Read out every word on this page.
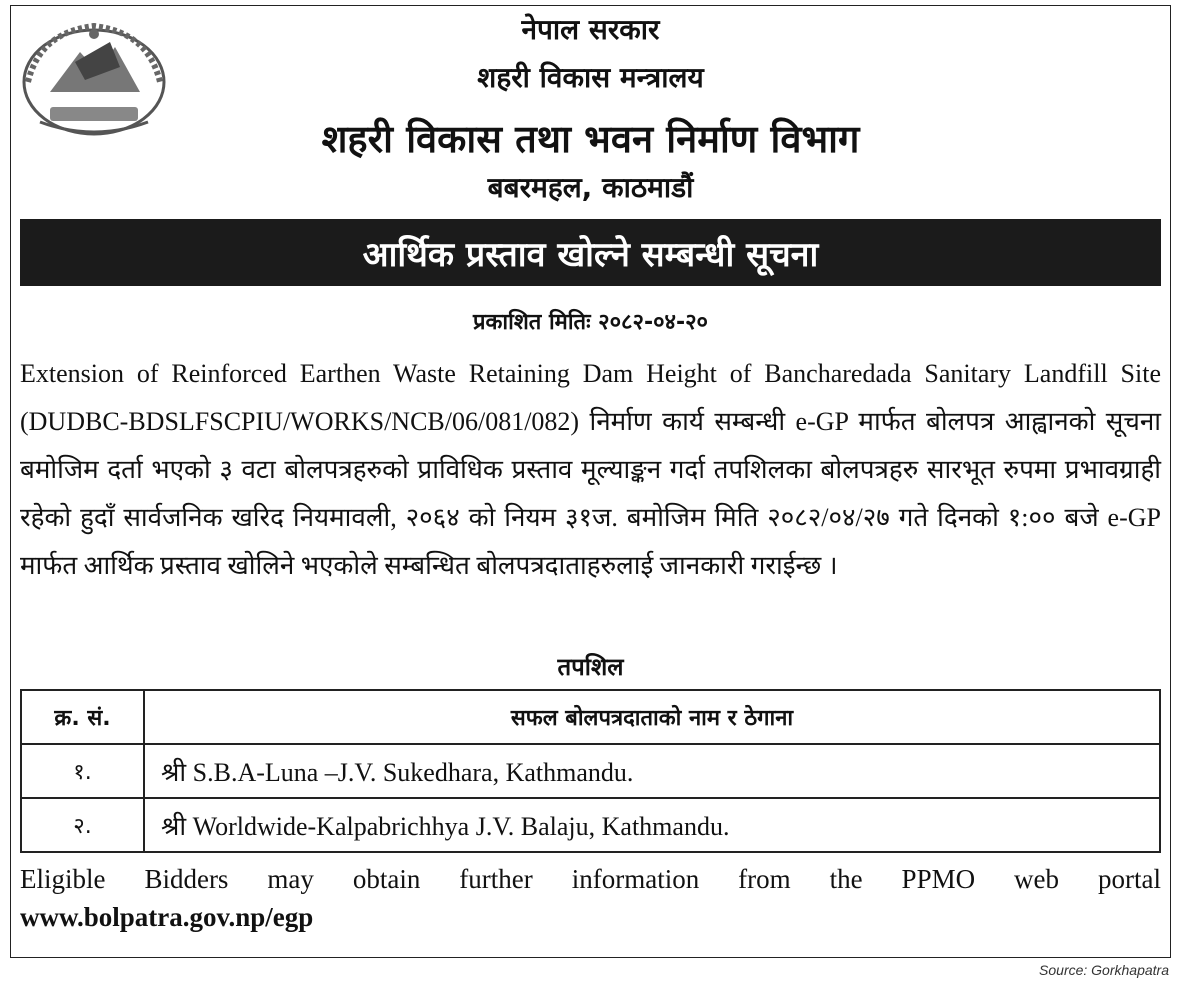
नेपाल सरकार
शहरी विकास मन्त्रालय
शहरी विकास तथा भवन निर्माण विभाग
बबरमहल, काठमाडौं
आर्थिक प्रस्ताव खोल्ने सम्बन्धी सूचना
प्रकाशित मितिः २०८२-०४-२०
Extension of Reinforced Earthen Waste Retaining Dam Height of Bancharedada Sanitary Landfill Site (DUDBC-BDSLFSCPIU/WORKS/NCB/06/081/082) निर्माण कार्य सम्बन्धी e-GP मार्फत बोलपत्र आह्वानको सूचना बमोजिम दर्ता भएको ३ वटा बोलपत्रहरुको प्राविधिक प्रस्ताव मूल्याङ्कन गर्दा तपशिलका बोलपत्रहरु सारभूत रुपमा प्रभावग्राही रहेको हुदाँ सार्वजनिक खरिद नियमावली, २०६४ को नियम ३१ज. बमोजिम मिति २०८२/०४/२७ गते दिनको १:०० बजे e-GP मार्फत आर्थिक प्रस्ताव खोलिने भएकोले सम्बन्धित बोलपत्रदाताहरुलाई जानकारी गराईन्छ ।
तपशिल
क्र. सं.	सफल बोलपत्रदाताको नाम र ठेगाना
१.	श्री S.B.A-Luna –J.V. Sukedhara, Kathmandu.
२.	श्री Worldwide-Kalpabrichhya J.V. Balaju, Kathmandu.
Eligible Bidders may obtain further information from the PPMO web portal
www.bolpatra.gov.np/egp
Source: Gorkhapatra
